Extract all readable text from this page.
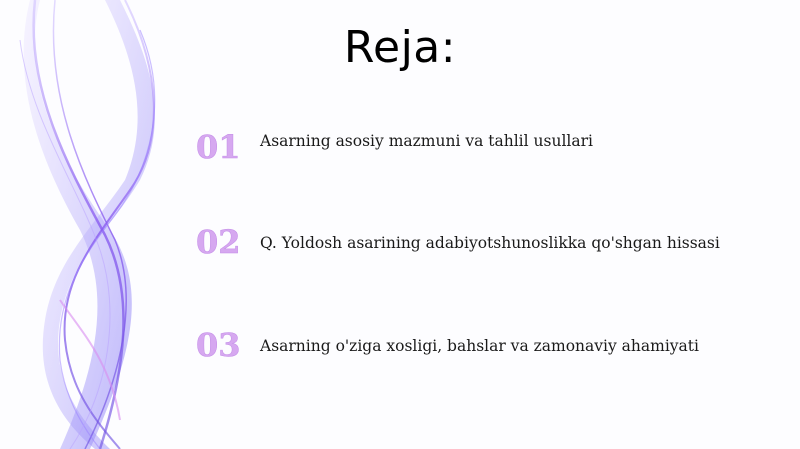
Reja:
01	Asarning asosiy mazmuni va tahlil usullari
02	Q. Yoldosh asarining adabiyotshunoslikka qo'shgan hissasi
03	Asarning o'ziga xosligi, bahslar va zamonaviy ahamiyati
